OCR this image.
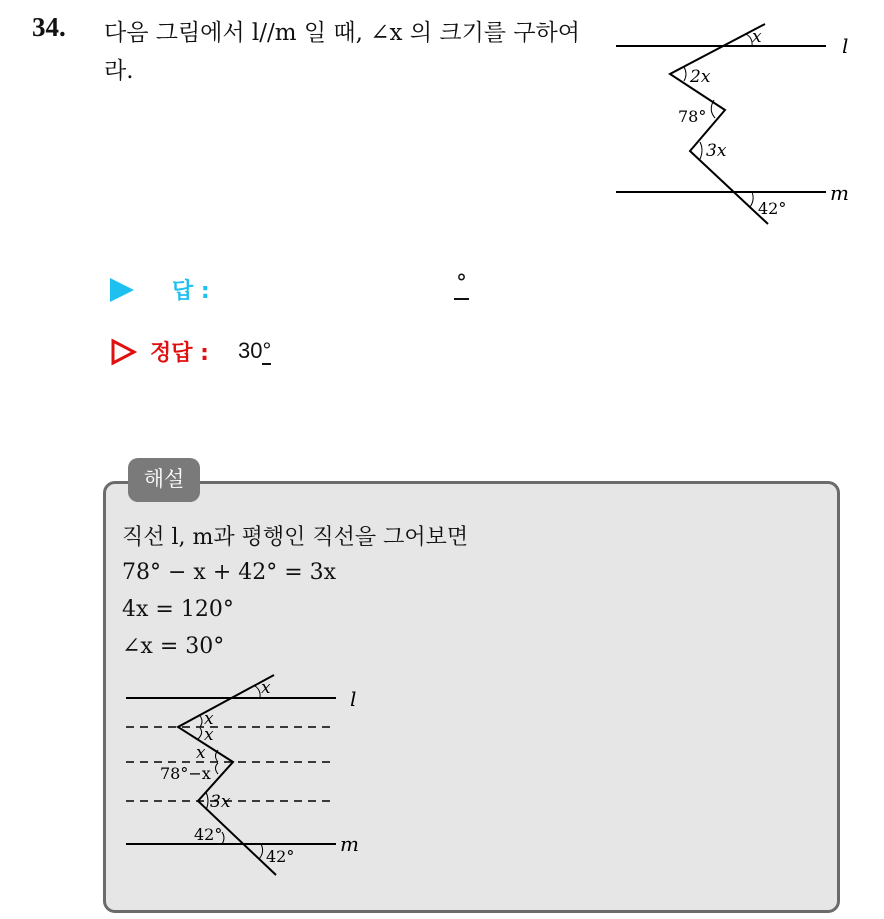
34. 다음 그림에서 l//m 일 때, ∠x 의 크기를 구하여라.
l
m
x
2x
78°
3x
42°
답 :	°
정답 : 30°
해설
직선 l, m과 평행인 직선을 그어보면
78° − x + 42° = 3x
4x = 120°
∠x = 30°
l
m
x
x
x
x
78°−x
3x
42°
42°
